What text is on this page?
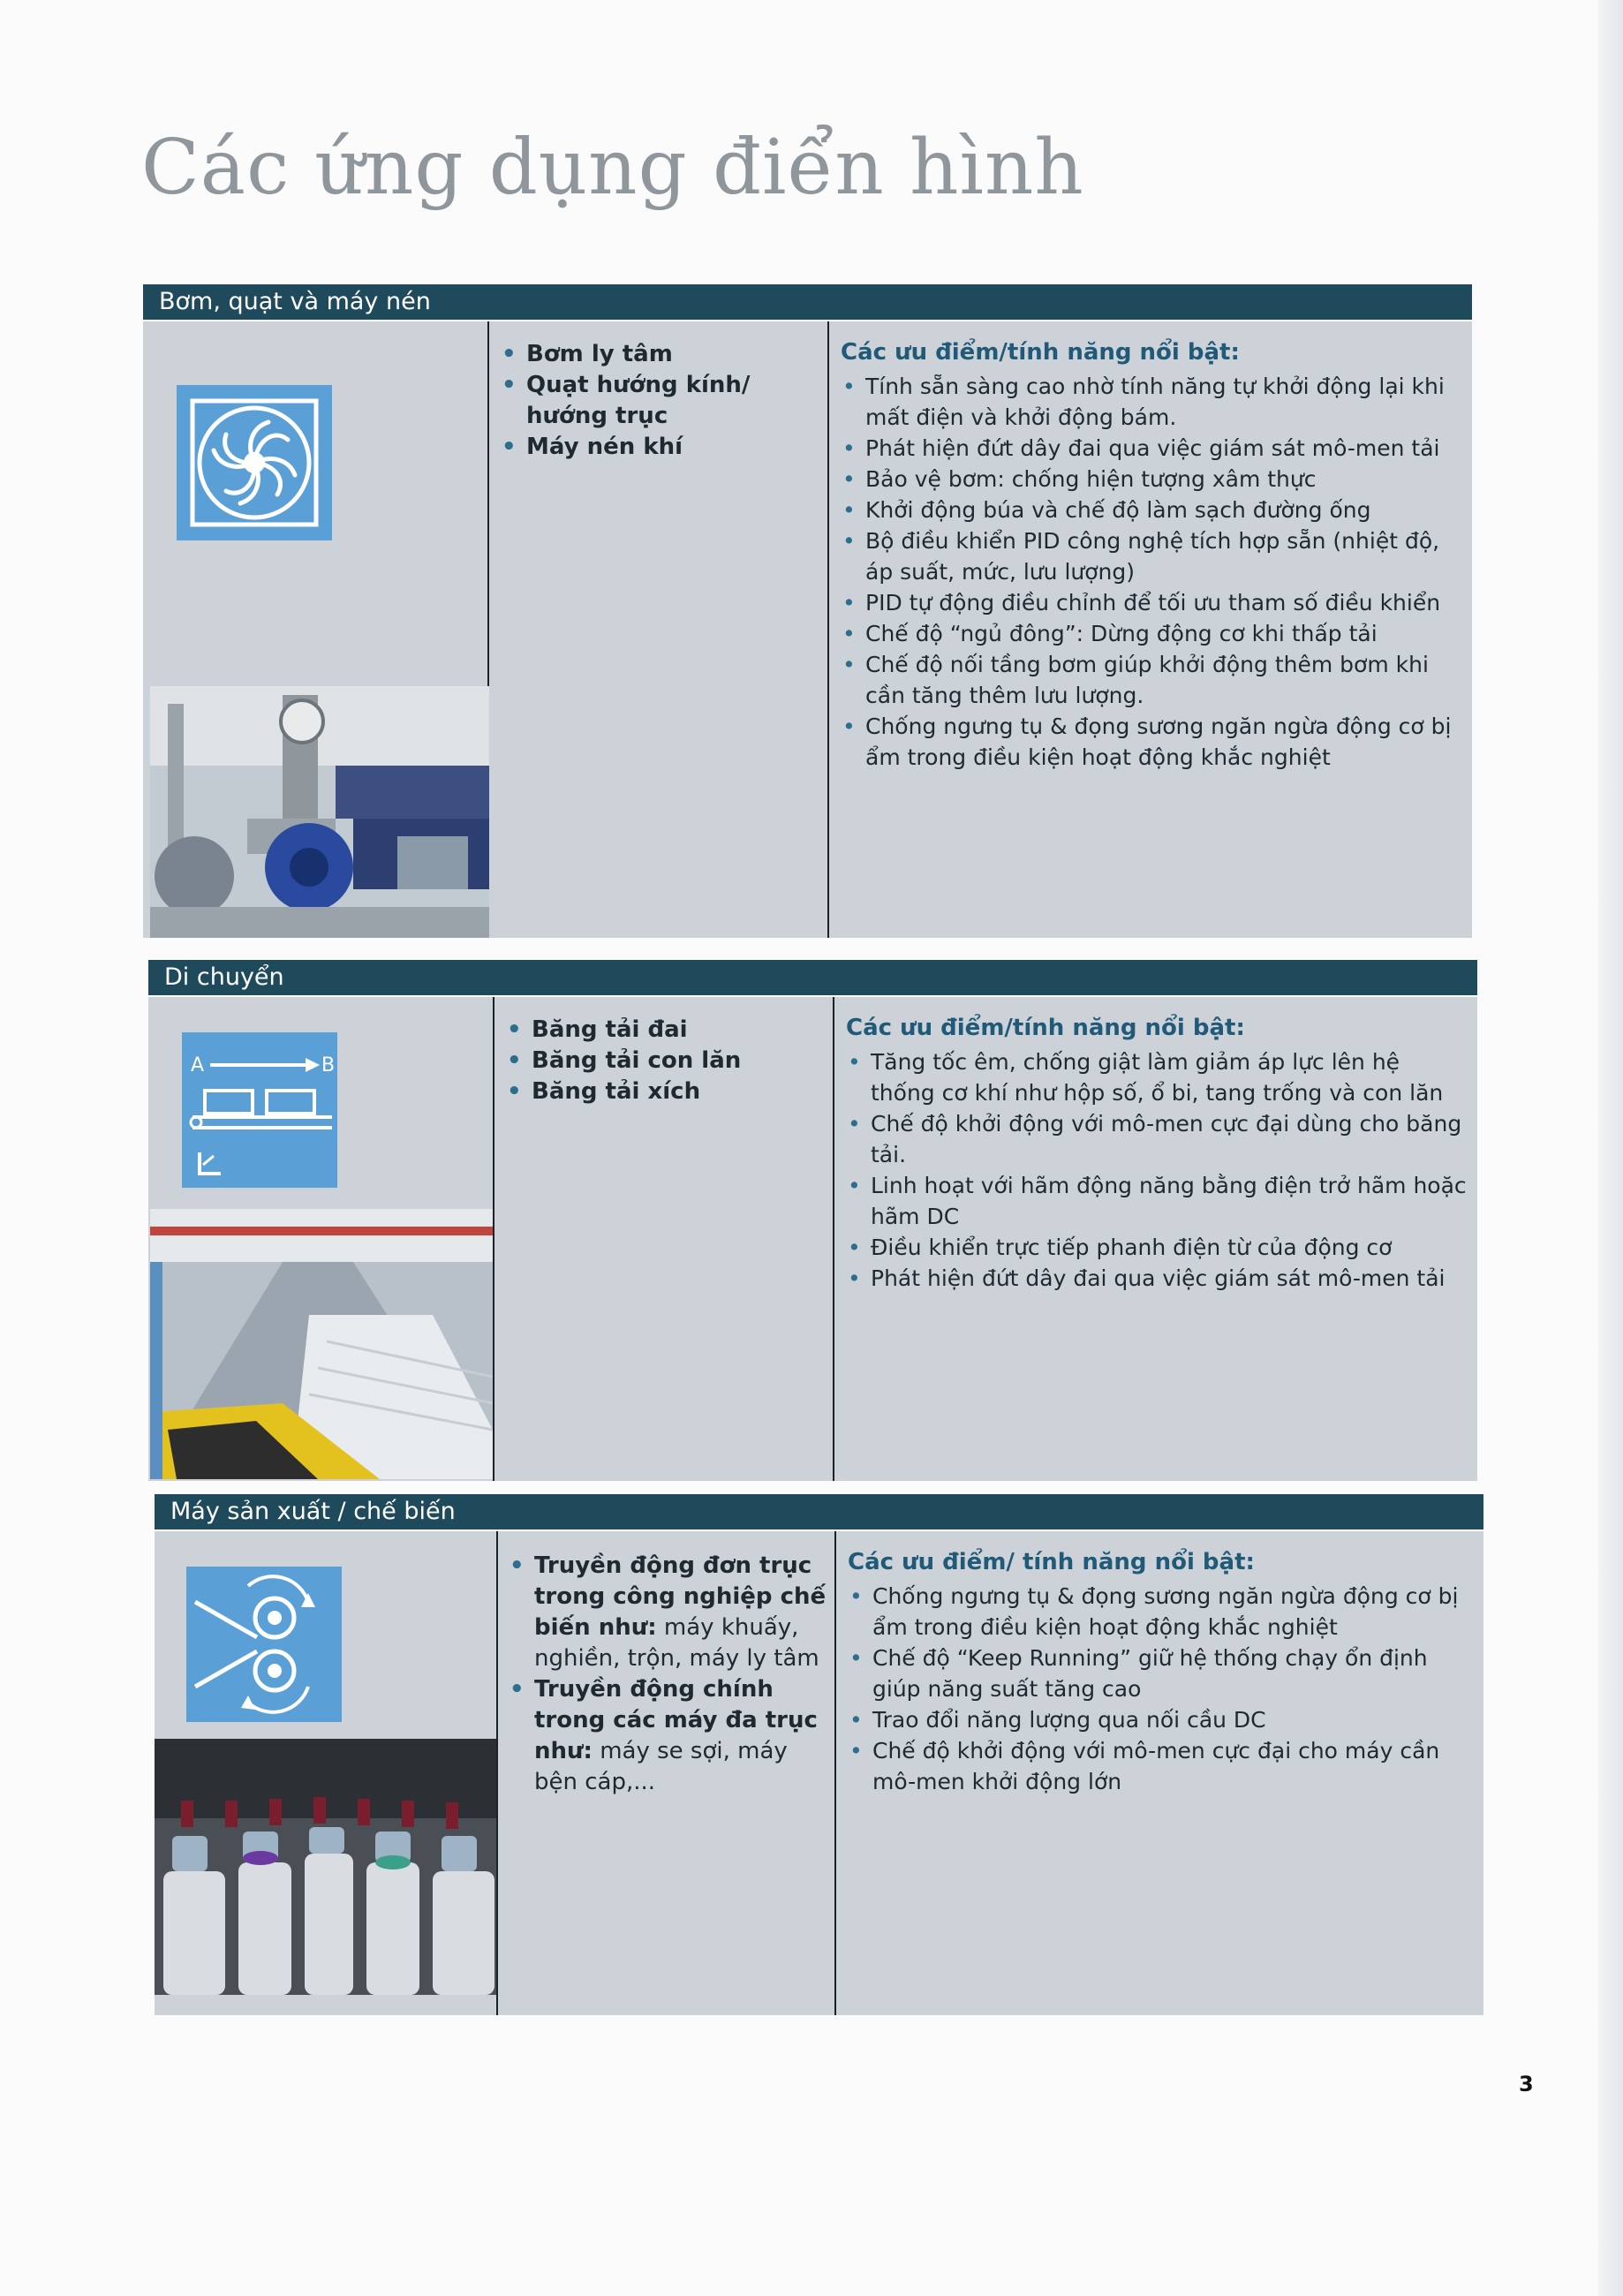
Các ứng dụng điển hình
Bơm, quạt và máy nén
• Bơm ly tâm
• Quạt hướng kính/ hướng trục
• Máy nén khí
Các ưu điểm/tính năng nổi bật:
• Tính sẵn sàng cao nhờ tính năng tự khởi động lại khi mất điện và khởi động bám.
• Phát hiện đứt dây đai qua việc giám sát mô-men tải
• Bảo vệ bơm: chống hiện tượng xâm thực
• Khởi động búa và chế độ làm sạch đường ống
• Bộ điều khiển PID công nghệ tích hợp sẵn (nhiệt độ, áp suất, mức, lưu lượng)
• PID tự động điều chỉnh để tối ưu tham số điều khiển
• Chế độ “ngủ đông”: Dừng động cơ khi thấp tải
• Chế độ nối tầng bơm giúp khởi động thêm bơm khi cần tăng thêm lưu lượng.
• Chống ngưng tụ & đọng sương ngăn ngừa động cơ bị ẩm trong điều kiện hoạt động khắc nghiệt
Di chuyển
A	B
• Băng tải đai
• Băng tải con lăn
• Băng tải xích
Các ưu điểm/tính năng nổi bật:
• Tăng tốc êm, chống giật làm giảm áp lực lên hệ thống cơ khí như hộp số, ổ bi, tang trống và con lăn
• Chế độ khởi động với mô-men cực đại dùng cho băng tải.
• Linh hoạt với hãm động năng bằng điện trở hãm hoặc hãm DC
• Điều khiển trực tiếp phanh điện từ của động cơ
• Phát hiện đứt dây đai qua việc giám sát mô-men tải
Máy sản xuất / chế biến
• Truyền động đơn trục trong công nghiệp chế biến như: máy khuấy, nghiền, trộn, máy ly tâm
• Truyền động chính trong các máy đa trục như: máy se sợi, máy bện cáp,...
Các ưu điểm/ tính năng nổi bật:
• Chống ngưng tụ & đọng sương ngăn ngừa động cơ bị ẩm trong điều kiện hoạt động khắc nghiệt
• Chế độ “Keep Running” giữ hệ thống chạy ổn định giúp năng suất tăng cao
• Trao đổi năng lượng qua nối cầu DC
• Chế độ khởi động với mô-men cực đại cho máy cần mô-men khởi động lớn
3
